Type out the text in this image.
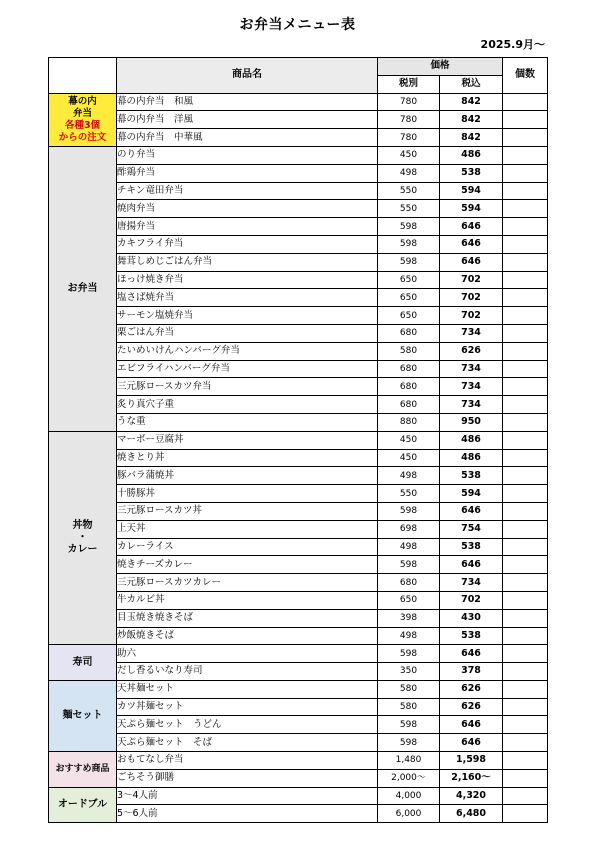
お弁当メニュー表
2025.9月〜
	商品名	価格		個数
		税別	税込	

幕の内
弁当
各種3個
からの注文	幕の内弁当　和風	780	842	
	幕の内弁当　洋風	780	842	
	幕の内弁当　中華風	780	842	

お弁当	のり弁当	450	486	
	酢鶏弁当	498	538	
	チキン竜田弁当	550	594	
	焼肉弁当	550	594	
	唐揚弁当	598	646	
	カキフライ弁当	598	646	
	舞茸しめじごはん弁当	598	646	
	ほっけ焼き弁当	650	702	
	塩さば焼弁当	650	702	
	サーモン塩焼弁当	650	702	
	栗ごはん弁当	680	734	
	たいめいけんハンバーグ弁当	580	626	
	エビフライハンバーグ弁当	680	734	
	三元豚ロースカツ弁当	680	734	
	炙り真穴子重	680	734	
	うな重	880	950	

丼物
・
カレー	マーボー豆腐丼	450	486	
	焼きとり丼	450	486	
	豚バラ蒲焼丼	498	538	
	十勝豚丼	550	594	
	三元豚ロースカツ丼	598	646	
	上天丼	698	754	
	カレーライス	498	538	
	焼きチーズカレー	598	646	
	三元豚ロースカツカレー	680	734	
	牛カルビ丼	650	702	
	目玉焼き焼きそば	398	430	
	炒飯焼きそば	498	538	

寿司	助六	598	646	
	だし香るいなり寿司	350	378	

麺セット	天丼麺セット	580	626	
	カツ丼麺セット	580	626	
	天ぷら麺セット　うどん	598	646	
	天ぷら麺セット　そば	598	646	

おすすめ商品	おもてなし弁当	1,480	1,598	
	ごちそう御膳	2,000〜	2,160〜	

オードブル	3〜4人前	4,000	4,320	
	5〜6人前	6,000	6,480	
